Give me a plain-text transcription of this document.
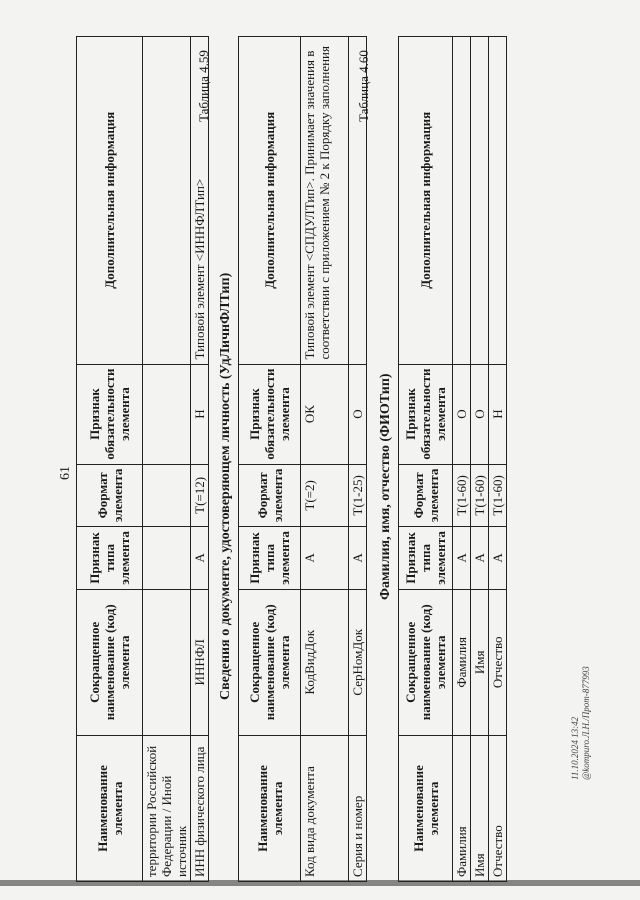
61
Наименование элемента	Сокращенное наименование (код) элемента	Признак типа элемента	Формат элемента	Признак обязательности элемента	Дополнительная информация
территории Российской Федерации / Иной источник					
ИНН физического лица	ИННФЛ	А	Т(=12)	Н	Типовой элемент <ИННФЛТип>
Таблица 4.59
Сведения о документе, удостоверяющем личность (УдЛичнФЛТип)
Наименование элемента	Сокращенное наименование (код) элемента	Признак типа элемента	Формат элемента	Признак обязательности элемента	Дополнительная информация
Код вида документа	КодВидДок	А	Т(=2)	ОК	Типовой элемент <СПДУЛТип>. Принимает значения в соответствии с приложением № 2 к Порядку заполнения
Серия и номер	СерНомДок	А	Т(1-25)	О	
Таблица 4.60
Фамилия, имя, отчество (ФИОТип)
Наименование элемента	Сокращенное наименование (код) элемента	Признак типа элемента	Формат элемента	Признак обязательности элемента	Дополнительная информация
Фамилия	Фамилия	А	Т(1-60)	О	
Имя	Имя	А	Т(1-60)	О	
Отчество	Отчество	А	Т(1-60)	Н	
11.10.2024 13:42 @kompuro.Л.Н./Прот-877993
